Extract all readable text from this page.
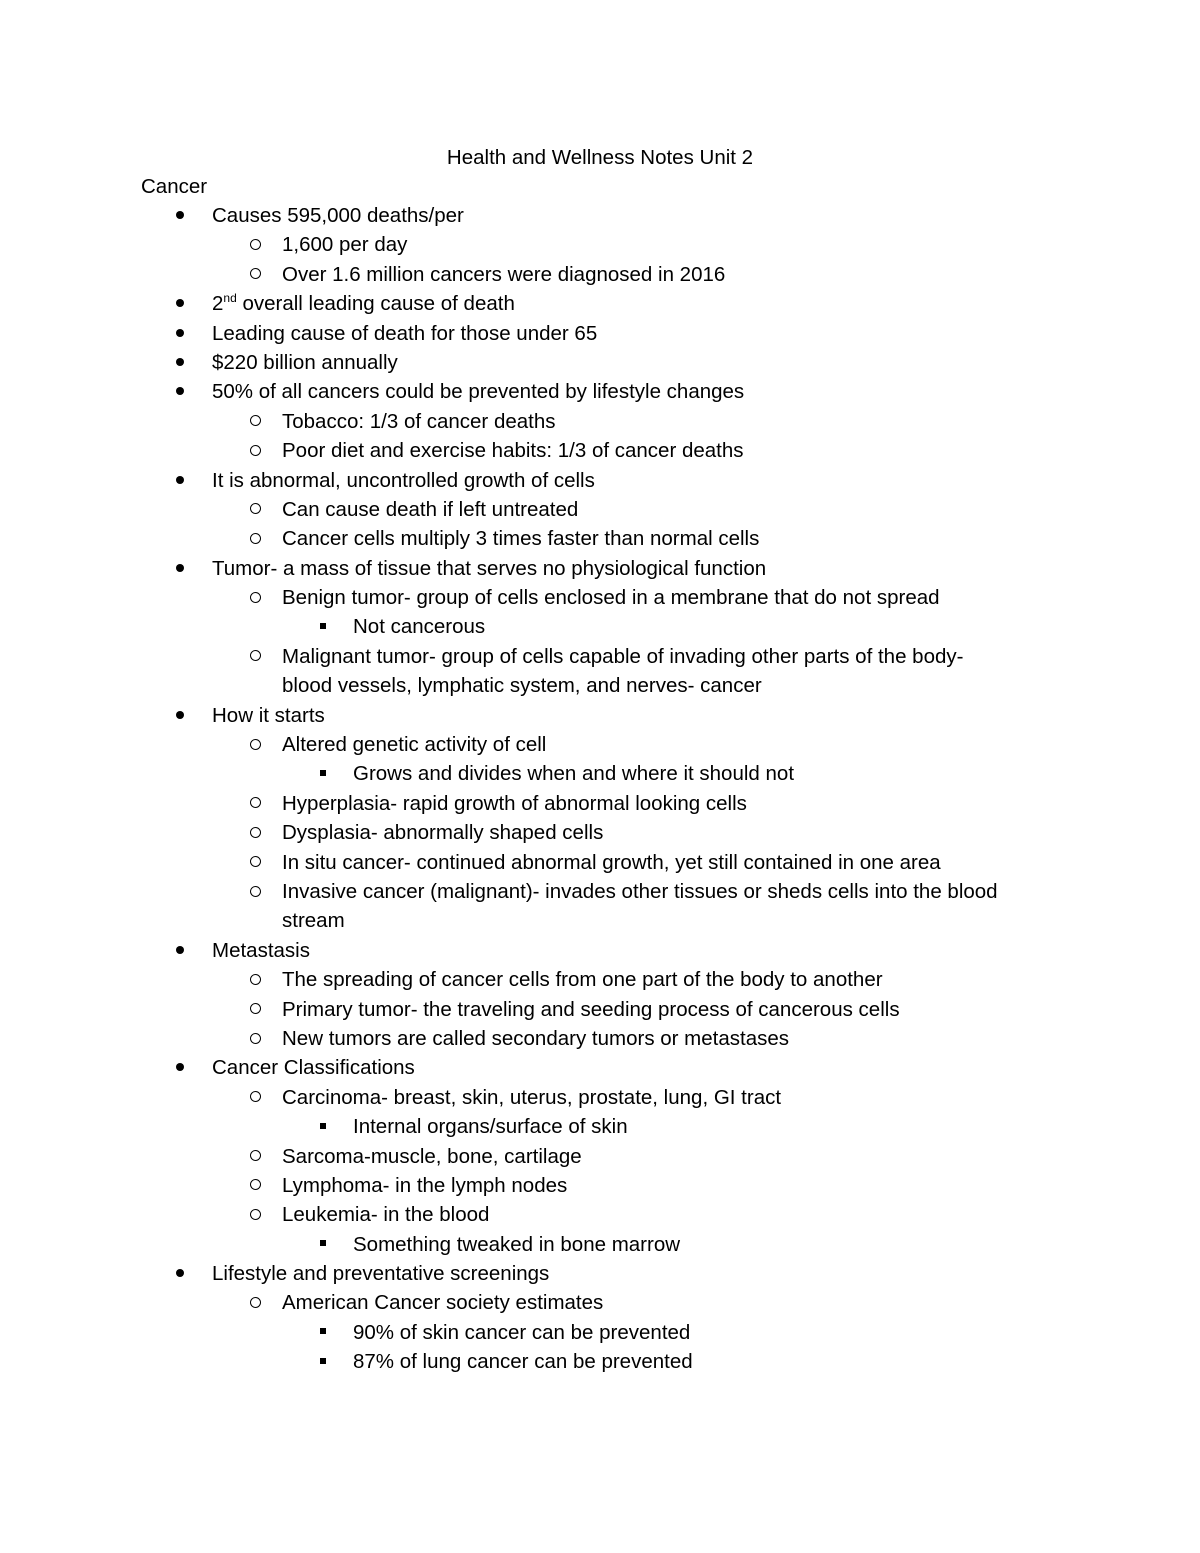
Health and Wellness Notes Unit 2
Cancer
Causes 595,000 deaths/per
1,600 per day
Over 1.6 million cancers were diagnosed in 2016
2nd overall leading cause of death
Leading cause of death for those under 65
$220 billion annually
50% of all cancers could be prevented by lifestyle changes
Tobacco: 1/3 of cancer deaths
Poor diet and exercise habits: 1/3 of cancer deaths
It is abnormal, uncontrolled growth of cells
Can cause death if left untreated
Cancer cells multiply 3 times faster than normal cells
Tumor- a mass of tissue that serves no physiological function
Benign tumor- group of cells enclosed in a membrane that do not spread
Not cancerous
Malignant tumor- group of cells capable of invading other parts of the body-
blood vessels, lymphatic system, and nerves- cancer
How it starts
Altered genetic activity of cell
Grows and divides when and where it should not
Hyperplasia- rapid growth of abnormal looking cells
Dysplasia- abnormally shaped cells
In situ cancer- continued abnormal growth, yet still contained in one area
Invasive cancer (malignant)- invades other tissues or sheds cells into the blood
stream
Metastasis
The spreading of cancer cells from one part of the body to another
Primary tumor- the traveling and seeding process of cancerous cells
New tumors are called secondary tumors or metastases
Cancer Classifications
Carcinoma- breast, skin, uterus, prostate, lung, GI tract
Internal organs/surface of skin
Sarcoma-muscle, bone, cartilage
Lymphoma- in the lymph nodes
Leukemia- in the blood
Something tweaked in bone marrow
Lifestyle and preventative screenings
American Cancer society estimates
90% of skin cancer can be prevented
87% of lung cancer can be prevented
